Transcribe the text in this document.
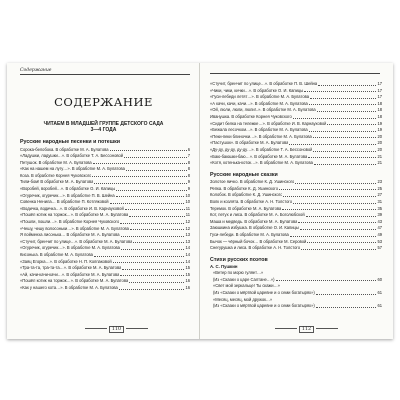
Содержание
СОДЕРЖАНИЕ
ЧИТАЕМ В МЛАДШЕЙ ГРУППЕ ДЕТСКОГО САДА
3—4 ГОДА
Русские народные песенки и потешки
Сорока-белобока. В обработке М. А. Булатова	6
«Ладушки, ладушки…». В обработке Т. А. Бессоновой	7
Петушок. В обработке М. А. Булатова	8
«Как на нашем на лугу…». В обработке М. А. Булатова	8
Коза. В обработке Корнея Чуковского	8
Тили-бом! В обработке М. А. Булатова	9
«Воробей, воробей…». В обработке О. И. Капицы	9
«Огуречик, огуречик…». В обработке П. В. Шейна	10
Совенка Ненила… В обработке П. Котляковой	10
«Водичка, водичка…». В обработке И. В. Карнауховой	11
«Пошёл котик на торжок…». В обработке М. А. Булатова	11
«Пошли, пошли…». В обработке Корнея Чуковского	12
«Чешу, чешу волосоньки…». В обработке М. А. Булатова	12
Я пойменха лисонька… В обработке М. А. Булатова	13
«Стучит, бренчит по улице…». В обработке М. А. Булатова	13
«Огуречик, огуречик…». В обработке М. А. Булатова	14
Кисонька. В обработке М. А. Булатова	14
«Заяц Егорка…». В обработке Н. П. Колпаковой	14
«Тра-та-та, тра-та-та…». В обработке М. А. Булатова	15
«Ай, качи-качи-качи…». В обработке М. А. Булатова	15
«Пошёл котик на торжок…». В обработке М. А. Булатова	16
«Как у нашего кота…». В обработке М. А. Булатова	16
110
«Стучит, бренчит по улице…». В обработке П. В. Шейна	17
«Чики, чики, кички…». В обработке О. И. Капицы	17
«Гуси-лебеди летят…». В обработке М. А. Булатова	17
«А качи, качи, качи…». В обработке М. А. Булатова	18
«Ой, люли, люли, люли!..». В обработке М. А. Булатова	18
Иванушка. В обработке Корнея Чуковского	18
«Сидит белка на тележке…». В обработке И. В. Карнауховой	19
«Бежала лесочком…». В обработке М. А. Булатова	19
«Пеки-пеки блиночки…». В обработке М. А. Булатова	20
«Пастушок». В обработке М. А. Булатова	20
«Ду-ду, ду-ду, ду-ду…». В обработке Т. А. Бессоновой	20
«Баю-баюшки-баю…». В обработке М. А. Булатова	21
«Котя, котенька-коток…». В обработке М. А. Булатова	21
Русские народные сказки
Золотое яичко. В обработке К. Д. Ушинского	23
Репка. В обработке К. Д. Ушинского	25
Колобок. В обработке К. Д. Ушинского	27
Волк и козлята. В обработке А. Н. Толстого	31
Теремок. В обработке М. А. Булатова	35
Кот, петух и лиса. В обработке М. А. Боголюбской	39
Маша и медведь. В обработке М. А. Булатова	43
Заюшкина избушка. В обработке О. И. Капицы	47
Гуси-лебеди. В обработке М. А. Булатова	49
Бычок — чёрный бочок… В обработке М. Серовой	53
Снегурушка и лиса. В обработке А. Н. Толстого	57
Стихи русских поэтов
А. С. Пушкин
«Ветер по морю гуляет…»
(Из «Сказки о царе Салтане…»)	60
«Свет мой зеркальце! Ты скажи…»
(Из «Сказки о мёртвой царевне и о семи богатырях»)	61
«Месяц, месяц, мой дружок…»
(Из «Сказки о мёртвой царевне и о семи богатырях»)	61
112
